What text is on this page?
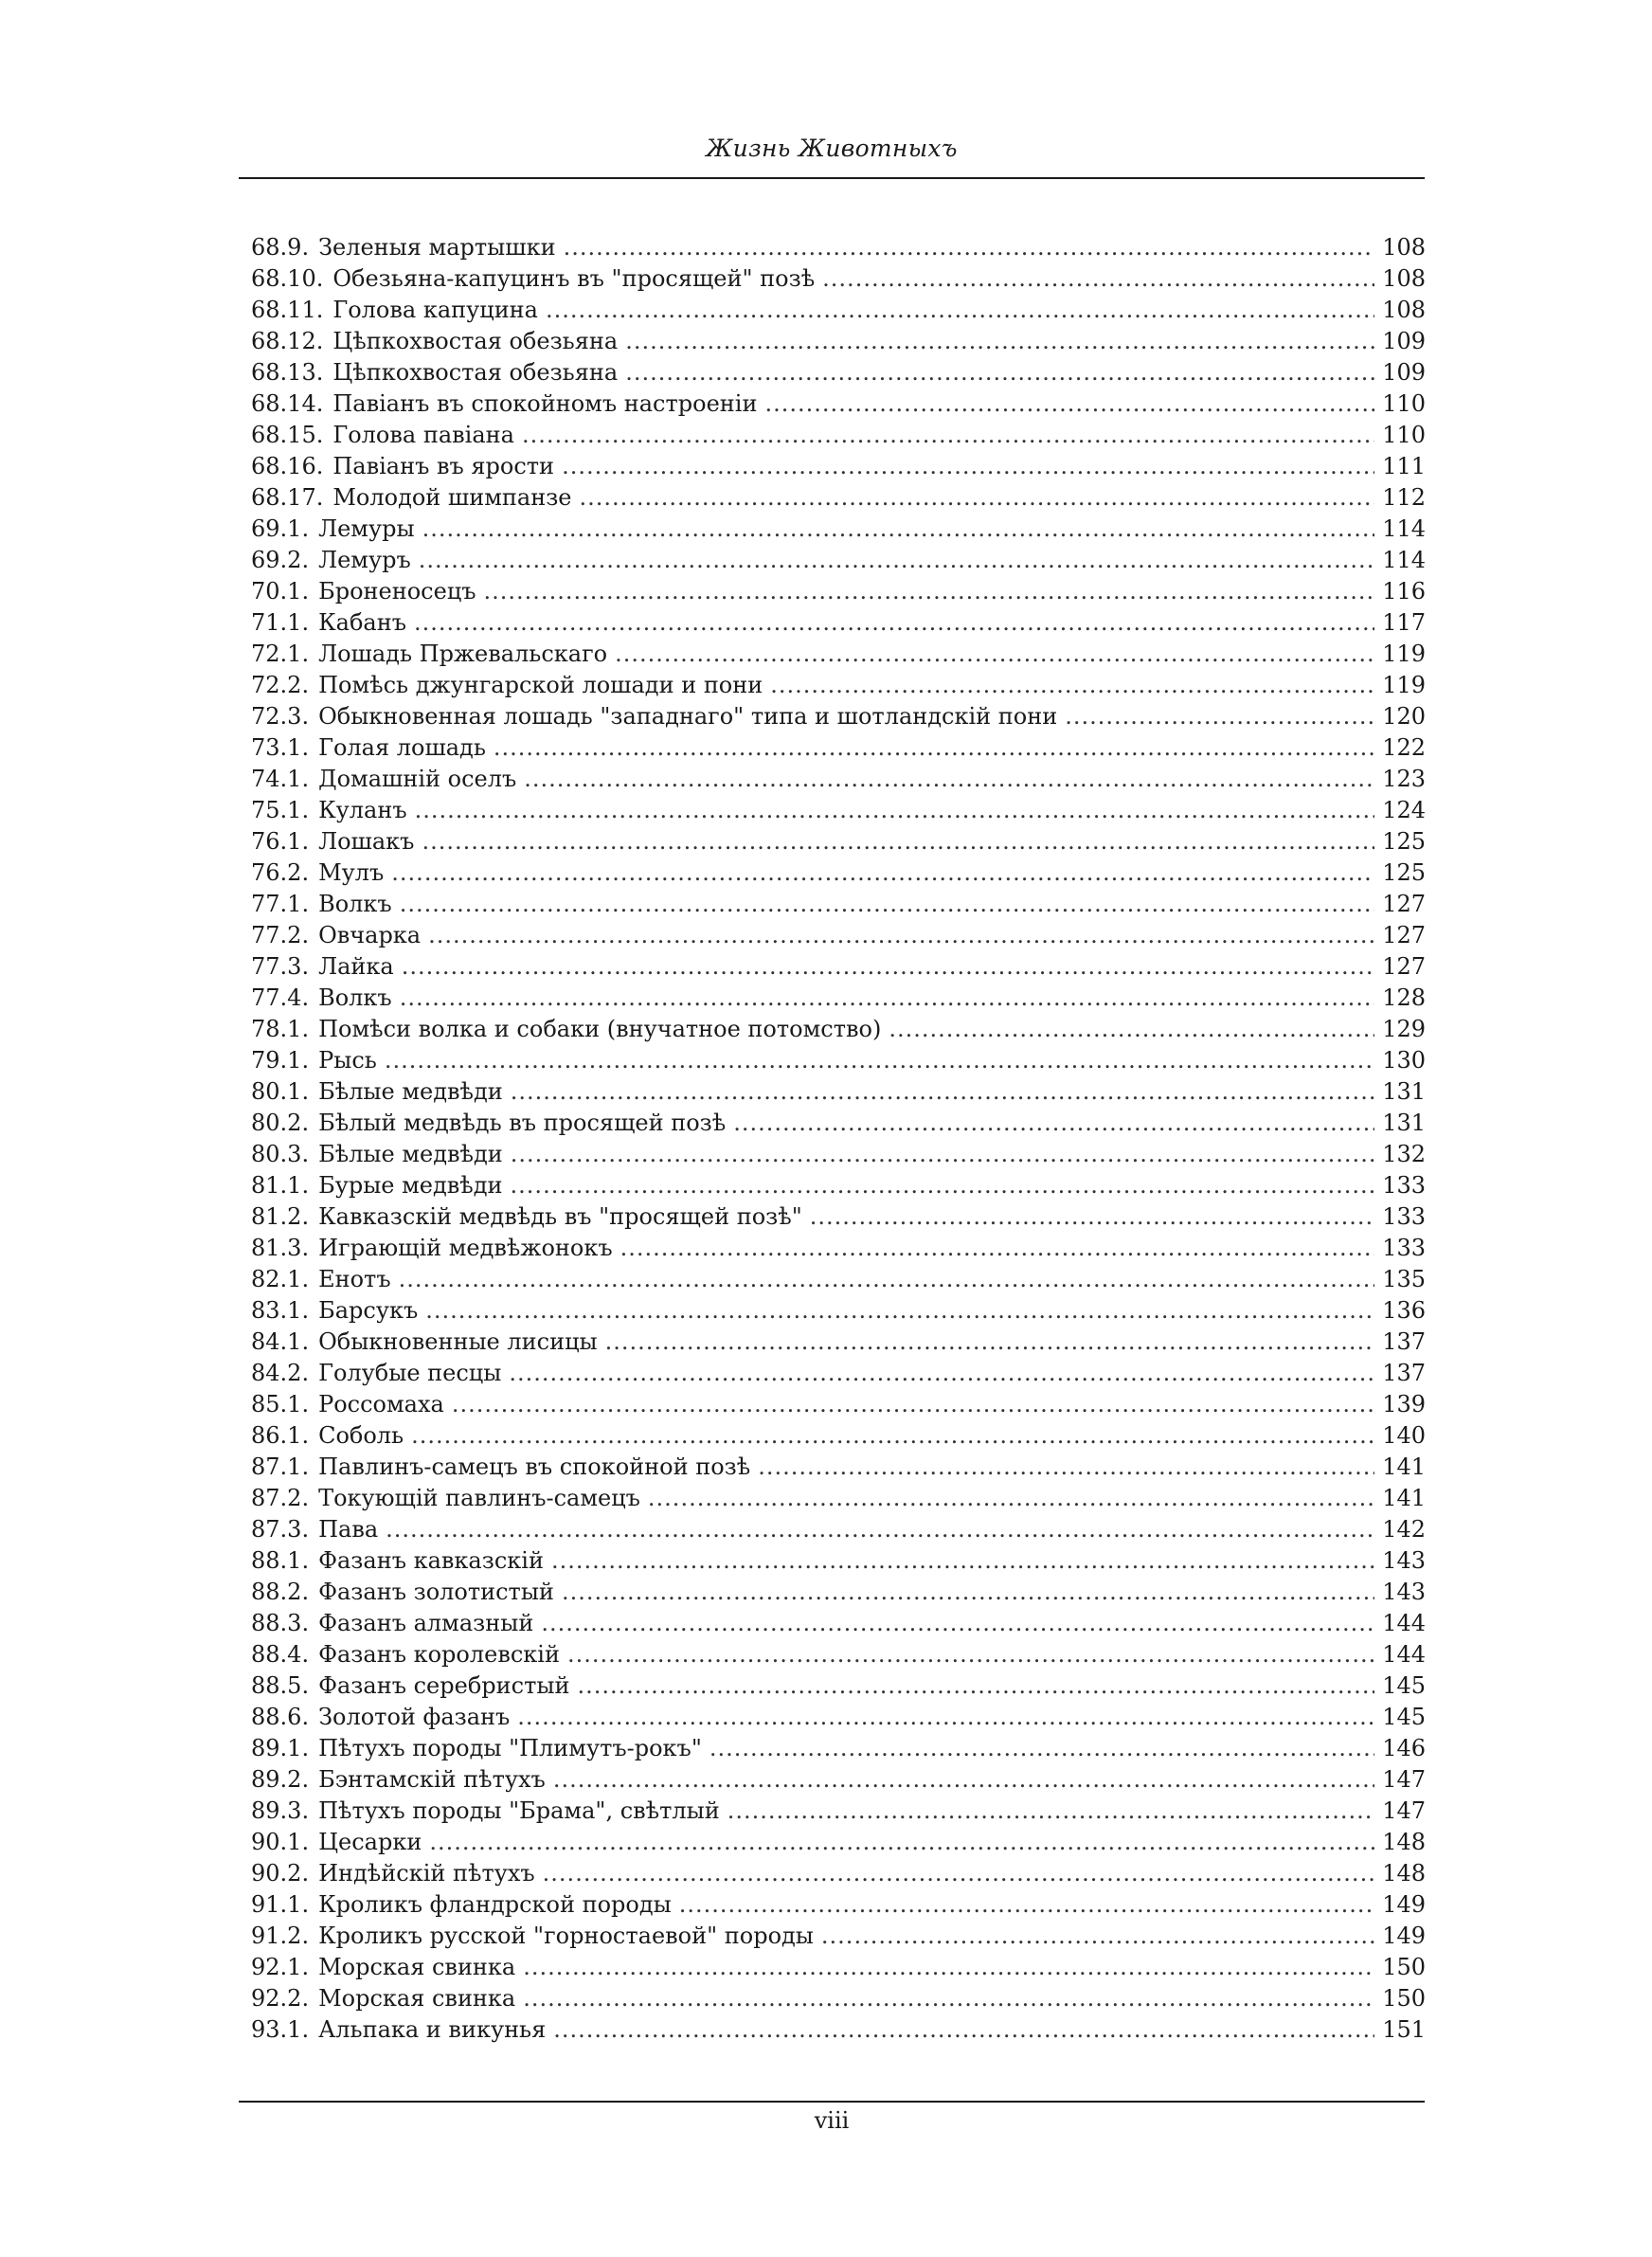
Жизнь Животныхъ
68.9. Зеленыя мартышки .....	108
68.10. Обезьяна-капуцинъ въ "просящей" позѣ .....	108
68.11. Голова капуцина .....	108
68.12. Цѣпкохвостая обезьяна .....	109
68.13. Цѣпкохвостая обезьяна .....	109
68.14. Павіанъ въ спокойномъ настроеніи .....	110
68.15. Голова павіана .....	110
68.16. Павіанъ въ ярости .....	111
68.17. Молодой шимпанзе .....	112
69.1. Лемуры .....	114
69.2. Лемуръ .....	114
70.1. Броненосецъ .....	116
71.1. Кабанъ .....	117
72.1. Лошадь Пржевальскаго .....	119
72.2. Помѣсь джунгарской лошади и пони .....	119
72.3. Обыкновенная лошадь "западнаго" типа и шотландскій пони .....	120
73.1. Голая лошадь .....	122
74.1. Домашній оселъ .....	123
75.1. Куланъ .....	124
76.1. Лошакъ .....	125
76.2. Мулъ .....	125
77.1. Волкъ .....	127
77.2. Овчарка .....	127
77.3. Лайка .....	127
77.4. Волкъ .....	128
78.1. Помѣси волка и собаки (внучатное потомство) .....	129
79.1. Рысь .....	130
80.1. Бѣлые медвѣди .....	131
80.2. Бѣлый медвѣдь въ просящей позѣ .....	131
80.3. Бѣлые медвѣди .....	132
81.1. Бурые медвѣди .....	133
81.2. Кавказскій медвѣдь въ "просящей позѣ" .....	133
81.3. Играющій медвѣжонокъ .....	133
82.1. Енотъ .....	135
83.1. Барсукъ .....	136
84.1. Обыкновенные лисицы .....	137
84.2. Голубые песцы .....	137
85.1. Россомаха .....	139
86.1. Соболь .....	140
87.1. Павлинъ-самецъ въ спокойной позѣ .....	141
87.2. Токующій павлинъ-самецъ .....	141
87.3. Пава .....	142
88.1. Фазанъ кавказскій .....	143
88.2. Фазанъ золотистый .....	143
88.3. Фазанъ алмазный .....	144
88.4. Фазанъ королевскій .....	144
88.5. Фазанъ серебристый .....	145
88.6. Золотой фазанъ .....	145
89.1. Пѣтухъ породы "Плимутъ-рокъ" .....	146
89.2. Бэнтамскій пѣтухъ .....	147
89.3. Пѣтухъ породы "Брама", свѣтлый .....	147
90.1. Цесарки .....	148
90.2. Индѣйскій пѣтухъ .....	148
91.1. Кроликъ фландрской породы .....	149
91.2. Кроликъ русской "горностаевой" породы .....	149
92.1. Морская свинка .....	150
92.2. Морская свинка .....	150
93.1. Альпака и викунья .....	151
viii
